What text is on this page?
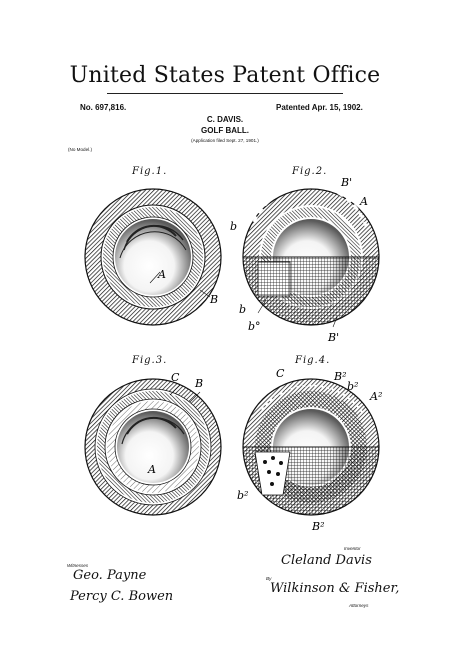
United States Patent Office
No. 697,816.	Patented Apr. 15, 1902.
C. DAVIS.
GOLF BALL.
(Application filed Sept. 27, 1901.)
(No Model.)
A
B
B'
A
b
b
b°
B'
C B
A
C	B²
b²
A²
b²
B²
Fig.1.	Fig.2.
Fig.3.	Fig.4.
Witnesses
Geo. Payne
Percy C. Bowen
Inventor
Cleland Davis
By
Wilkinson & Fisher,
Attorneys
